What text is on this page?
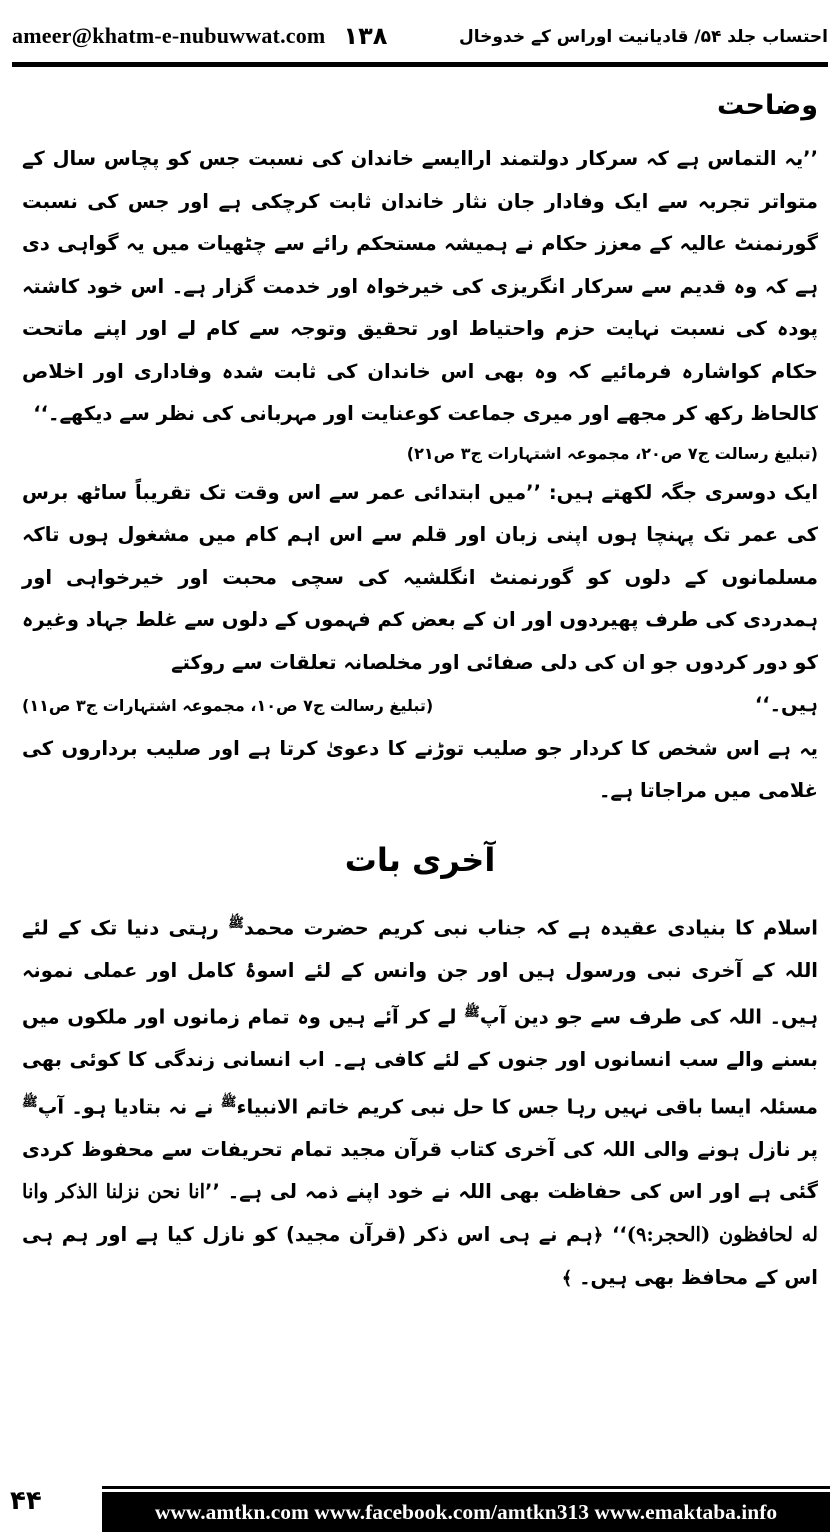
ameer@khatm-e-nubuwwat.com ۱۳۸	احتساب جلد ۵۴/ قادیانیت اوراس کے خدوخال
وضاحت

’’یہ التماس ہے کہ سرکار دولتمند اراایسے خاندان کی نسبت جس کو پچاس سال کے متواتر تجربہ سے ایک وفادار جان نثار خاندان ثابت کرچکی ہے اور جس کی نسبت گورنمنٹ عالیہ کے معزز حکام نے ہمیشہ مستحکم رائے سے چٹھیات میں یہ گواہی دی ہے کہ وہ قدیم سے سرکار انگریزی کی خیرخواہ اور خدمت گزار ہے۔ اس خود کاشتہ پودہ کی نسبت نہایت حزم واحتیاط اور تحقیق وتوجہ سے کام لے اور اپنے ماتحت حکام کواشارہ فرمائیے کہ وہ بھی اس خاندان کی ثابت شدہ وفاداری اور اخلاص کالحاظ رکھ کر مجھے اور میری جماعت کوعنایت اور مہربانی کی نظر سے دیکھے۔‘‘

(تبلیغ رسالت ج۷ ص۲۰، مجموعہ اشتہارات ج۳ ص۲۱)

ایک دوسری جگہ لکھتے ہیں: ’’میں ابتدائی عمر سے اس وقت تک تقریباً ساٹھ برس کی عمر تک پہنچا ہوں اپنی زبان اور قلم سے اس اہم کام میں مشغول ہوں تاکہ مسلمانوں کے دلوں کو گورنمنٹ انگلشیہ کی سچی محبت اور خیرخواہی اور ہمدردی کی طرف پھیردوں اور ان کے بعض کم فہموں کے دلوں سے غلط جہاد وغیرہ کو دور کردوں جو ان کی دلی صفائی اور مخلصانہ تعلقات سے روکتے

ہیں۔‘‘
(تبلیغ رسالت ج۷ ص۱۰، مجموعہ اشتہارات ج۳ ص۱۱)

یہ ہے اس شخص کا کردار جو صلیب توڑنے کا دعویٰ کرتا ہے اور صلیب برداروں کی غلامی میں مراجاتا ہے۔

آخری بات

اسلام کا بنیادی عقیدہ ہے کہ جناب نبی کریم حضرت محمد$^ﷺ$ رہتی دنیا تک کے لئے اللہ کے آخری نبی ورسول ہیں اور جن وانس کے لئے اسوۂ کامل اور عملی نمونہ ہیں۔ اللہ کی طرف سے جو دین آپ$^ﷺ$ لے کر آئے ہیں وہ تمام زمانوں اور ملکوں میں بسنے والے سب انسانوں اور جنوں کے لئے کافی ہے۔ اب انسانی زندگی کا کوئی بھی مسئلہ ایسا باقی نہیں رہا جس کا حل نبی کریم خاتم الانبیاء$^ﷺ$ نے نہ بتادیا ہو۔ آپ$^ﷺ$ پر نازل ہونے والی اللہ کی آخری کتاب قرآن مجید تمام تحریفات سے محفوظ کردی گئی ہے اور اس کی حفاظت بھی اللہ نے خود اپنے ذمہ لی ہے۔ ’’انا نحن نزلنا الذکر وانا له لحافظون (الحجر:۹)‘‘ ﴿ہم نے ہی اس ذکر (قرآن مجید) کو نازل کیا ہے اور ہم ہی اس کے محافظ بھی ہیں۔ ﴾

۴۴	www.amtkn.com www.facebook.com/amtkn313 www.emaktaba.info
